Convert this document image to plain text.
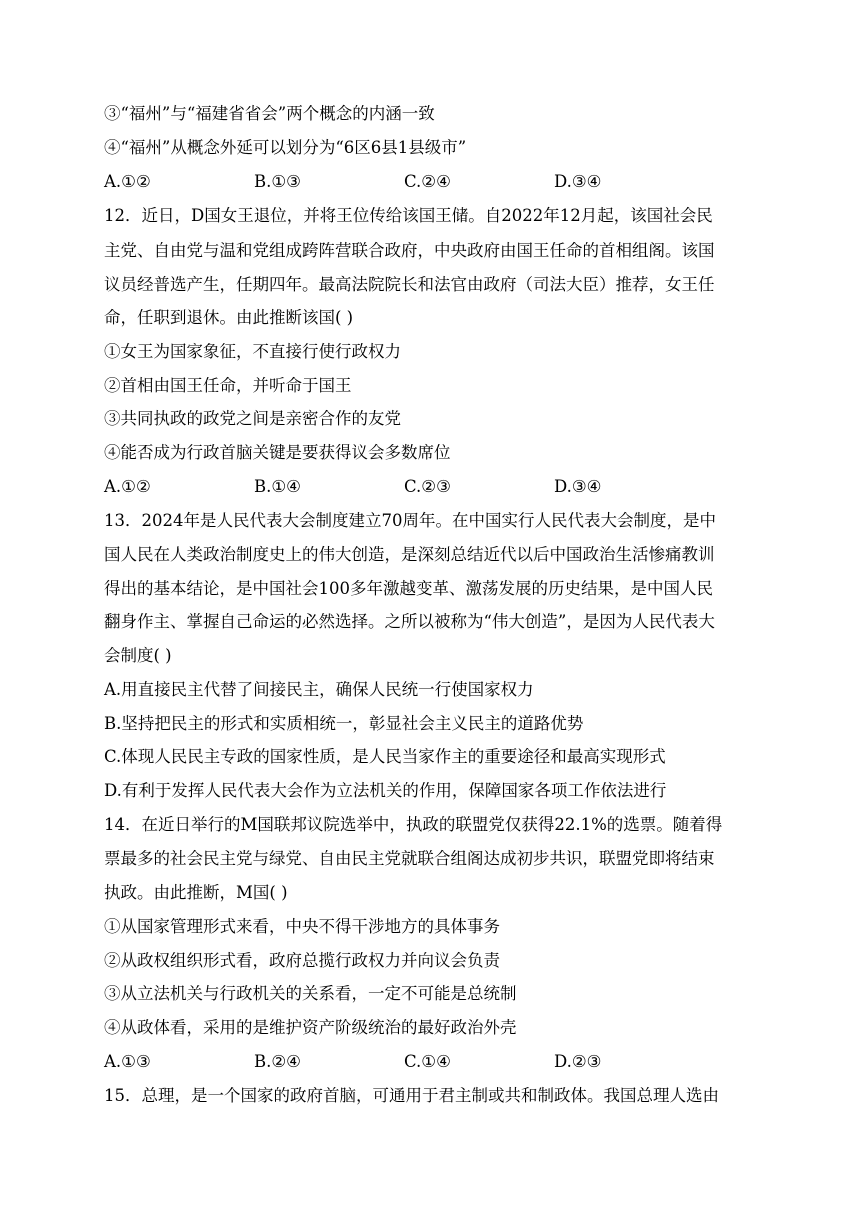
③“福州”与“福建省省会”两个概念的内涵一致
④“福州”从概念外延可以划分为“6区6县1县级市”
A.①②	B.①③	C.②④	D.③④
12．近日，D国女王退位，并将王位传给该国王储。自2022年12月起，该国社会民
主党、自由党与温和党组成跨阵营联合政府，中央政府由国王任命的首相组阁。该国
议员经普选产生，任期四年。最高法院院长和法官由政府（司法大臣）推荐，女王任
命，任职到退休。由此推断该国( )
①女王为国家象征，不直接行使行政权力
②首相由国王任命，并听命于国王
③共同执政的政党之间是亲密合作的友党
④能否成为行政首脑关键是要获得议会多数席位
A.①②	B.①④	C.②③	D.③④
13．2024年是人民代表大会制度建立70周年。在中国实行人民代表大会制度，是中
国人民在人类政治制度史上的伟大创造，是深刻总结近代以后中国政治生活惨痛教训
得出的基本结论，是中国社会100多年激越变革、激荡发展的历史结果，是中国人民
翻身作主、掌握自己命运的必然选择。之所以被称为“伟大创造”，是因为人民代表大
会制度( )
A.用直接民主代替了间接民主，确保人民统一行使国家权力
B.坚持把民主的形式和实质相统一，彰显社会主义民主的道路优势
C.体现人民民主专政的国家性质，是人民当家作主的重要途径和最高实现形式
D.有利于发挥人民代表大会作为立法机关的作用，保障国家各项工作依法进行
14．在近日举行的M国联邦议院选举中，执政的联盟党仅获得22.1%的选票。随着得
票最多的社会民主党与绿党、自由民主党就联合组阁达成初步共识，联盟党即将结束
执政。由此推断，M国( )
①从国家管理形式来看，中央不得干涉地方的具体事务
②从政权组织形式看，政府总揽行政权力并向议会负责
③从立法机关与行政机关的关系看，一定不可能是总统制
④从政体看，采用的是维护资产阶级统治的最好政治外壳
A.①③	B.②④	C.①④	D.②③
15．总理，是一个国家的政府首脑，可通用于君主制或共和制政体。我国总理人选由
